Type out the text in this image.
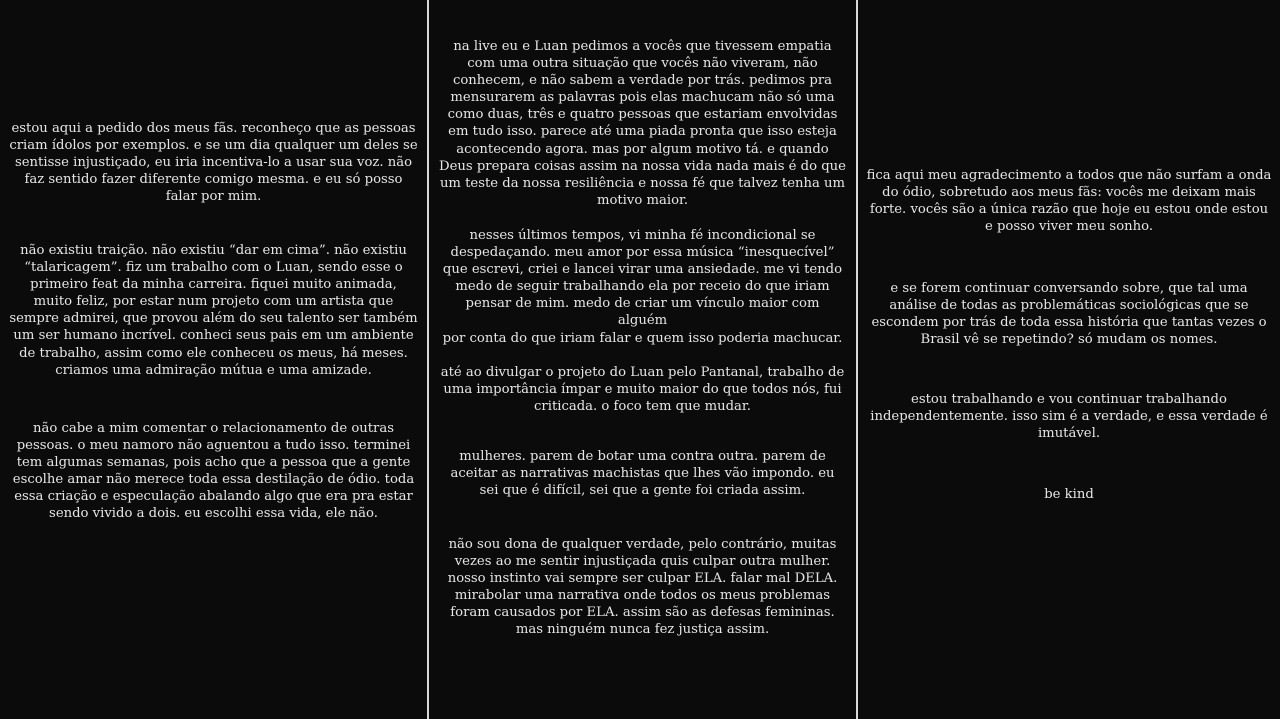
estou aqui a pedido dos meus fãs. reconheço que as pessoas
criam ídolos por exemplos. e se um dia qualquer um deles se
sentisse injustiçado, eu iria incentiva-lo a usar sua voz. não
faz sentido fazer diferente comigo mesma. e eu só posso
falar por mim.

não existiu traição. não existiu “dar em cima”. não existiu
“talaricagem”. fiz um trabalho com o Luan, sendo esse o
primeiro feat da minha carreira. fiquei muito animada,
muito feliz, por estar num projeto com um artista que
sempre admirei, que provou além do seu talento ser também
um ser humano incrível. conheci seus pais em um ambiente
de trabalho, assim como ele conheceu os meus, há meses.
criamos uma admiração mútua e uma amizade.

não cabe a mim comentar o relacionamento de outras
pessoas. o meu namoro não aguentou a tudo isso. terminei
tem algumas semanas, pois acho que a pessoa que a gente
escolhe amar não merece toda essa destilação de ódio. toda
essa criação e especulação abalando algo que era pra estar
sendo vivido a dois. eu escolhi essa vida, ele não.

na live eu e Luan pedimos a vocês que tivessem empatia
com uma outra situação que vocês não viveram, não
conhecem, e não sabem a verdade por trás. pedimos pra
mensurarem as palavras pois elas machucam não só uma
como duas, três e quatro pessoas que estariam envolvidas
em tudo isso. parece até uma piada pronta que isso esteja
acontecendo agora. mas por algum motivo tá. e quando
Deus prepara coisas assim na nossa vida nada mais é do que
um teste da nossa resiliência e nossa fé que talvez tenha um
motivo maior.

nesses últimos tempos, vi minha fé incondicional se
despedaçando. meu amor por essa música “inesquecível”
que escrevi, criei e lancei virar uma ansiedade. me vi tendo
medo de seguir trabalhando ela por receio do que iriam
pensar de mim. medo de criar um vínculo maior com alguém
por conta do que iriam falar e quem isso poderia machucar.

até ao divulgar o projeto do Luan pelo Pantanal, trabalho de
uma importância ímpar e muito maior do que todos nós, fui
criticada. o foco tem que mudar.

mulheres. parem de botar uma contra outra. parem de
aceitar as narrativas machistas que lhes vão impondo. eu
sei que é difícil, sei que a gente foi criada assim.

não sou dona de qualquer verdade, pelo contrário, muitas
vezes ao me sentir injustiçada quis culpar outra mulher.
nosso instinto vai sempre ser culpar ELA. falar mal DELA.
mirabolar uma narrativa onde todos os meus problemas
foram causados por ELA. assim são as defesas femininas.
mas ninguém nunca fez justiça assim.

fica aqui meu agradecimento a todos que não surfam a onda
do ódio, sobretudo aos meus fãs: vocês me deixam mais
forte. vocês são a única razão que hoje eu estou onde estou
e posso viver meu sonho.

e se forem continuar conversando sobre, que tal uma
análise de todas as problemáticas sociológicas que se
escondem por trás de toda essa história que tantas vezes o
Brasil vê se repetindo? só mudam os nomes.

estou trabalhando e vou continuar trabalhando
independentemente. isso sim é a verdade, e essa verdade é
imutável.

be kind
